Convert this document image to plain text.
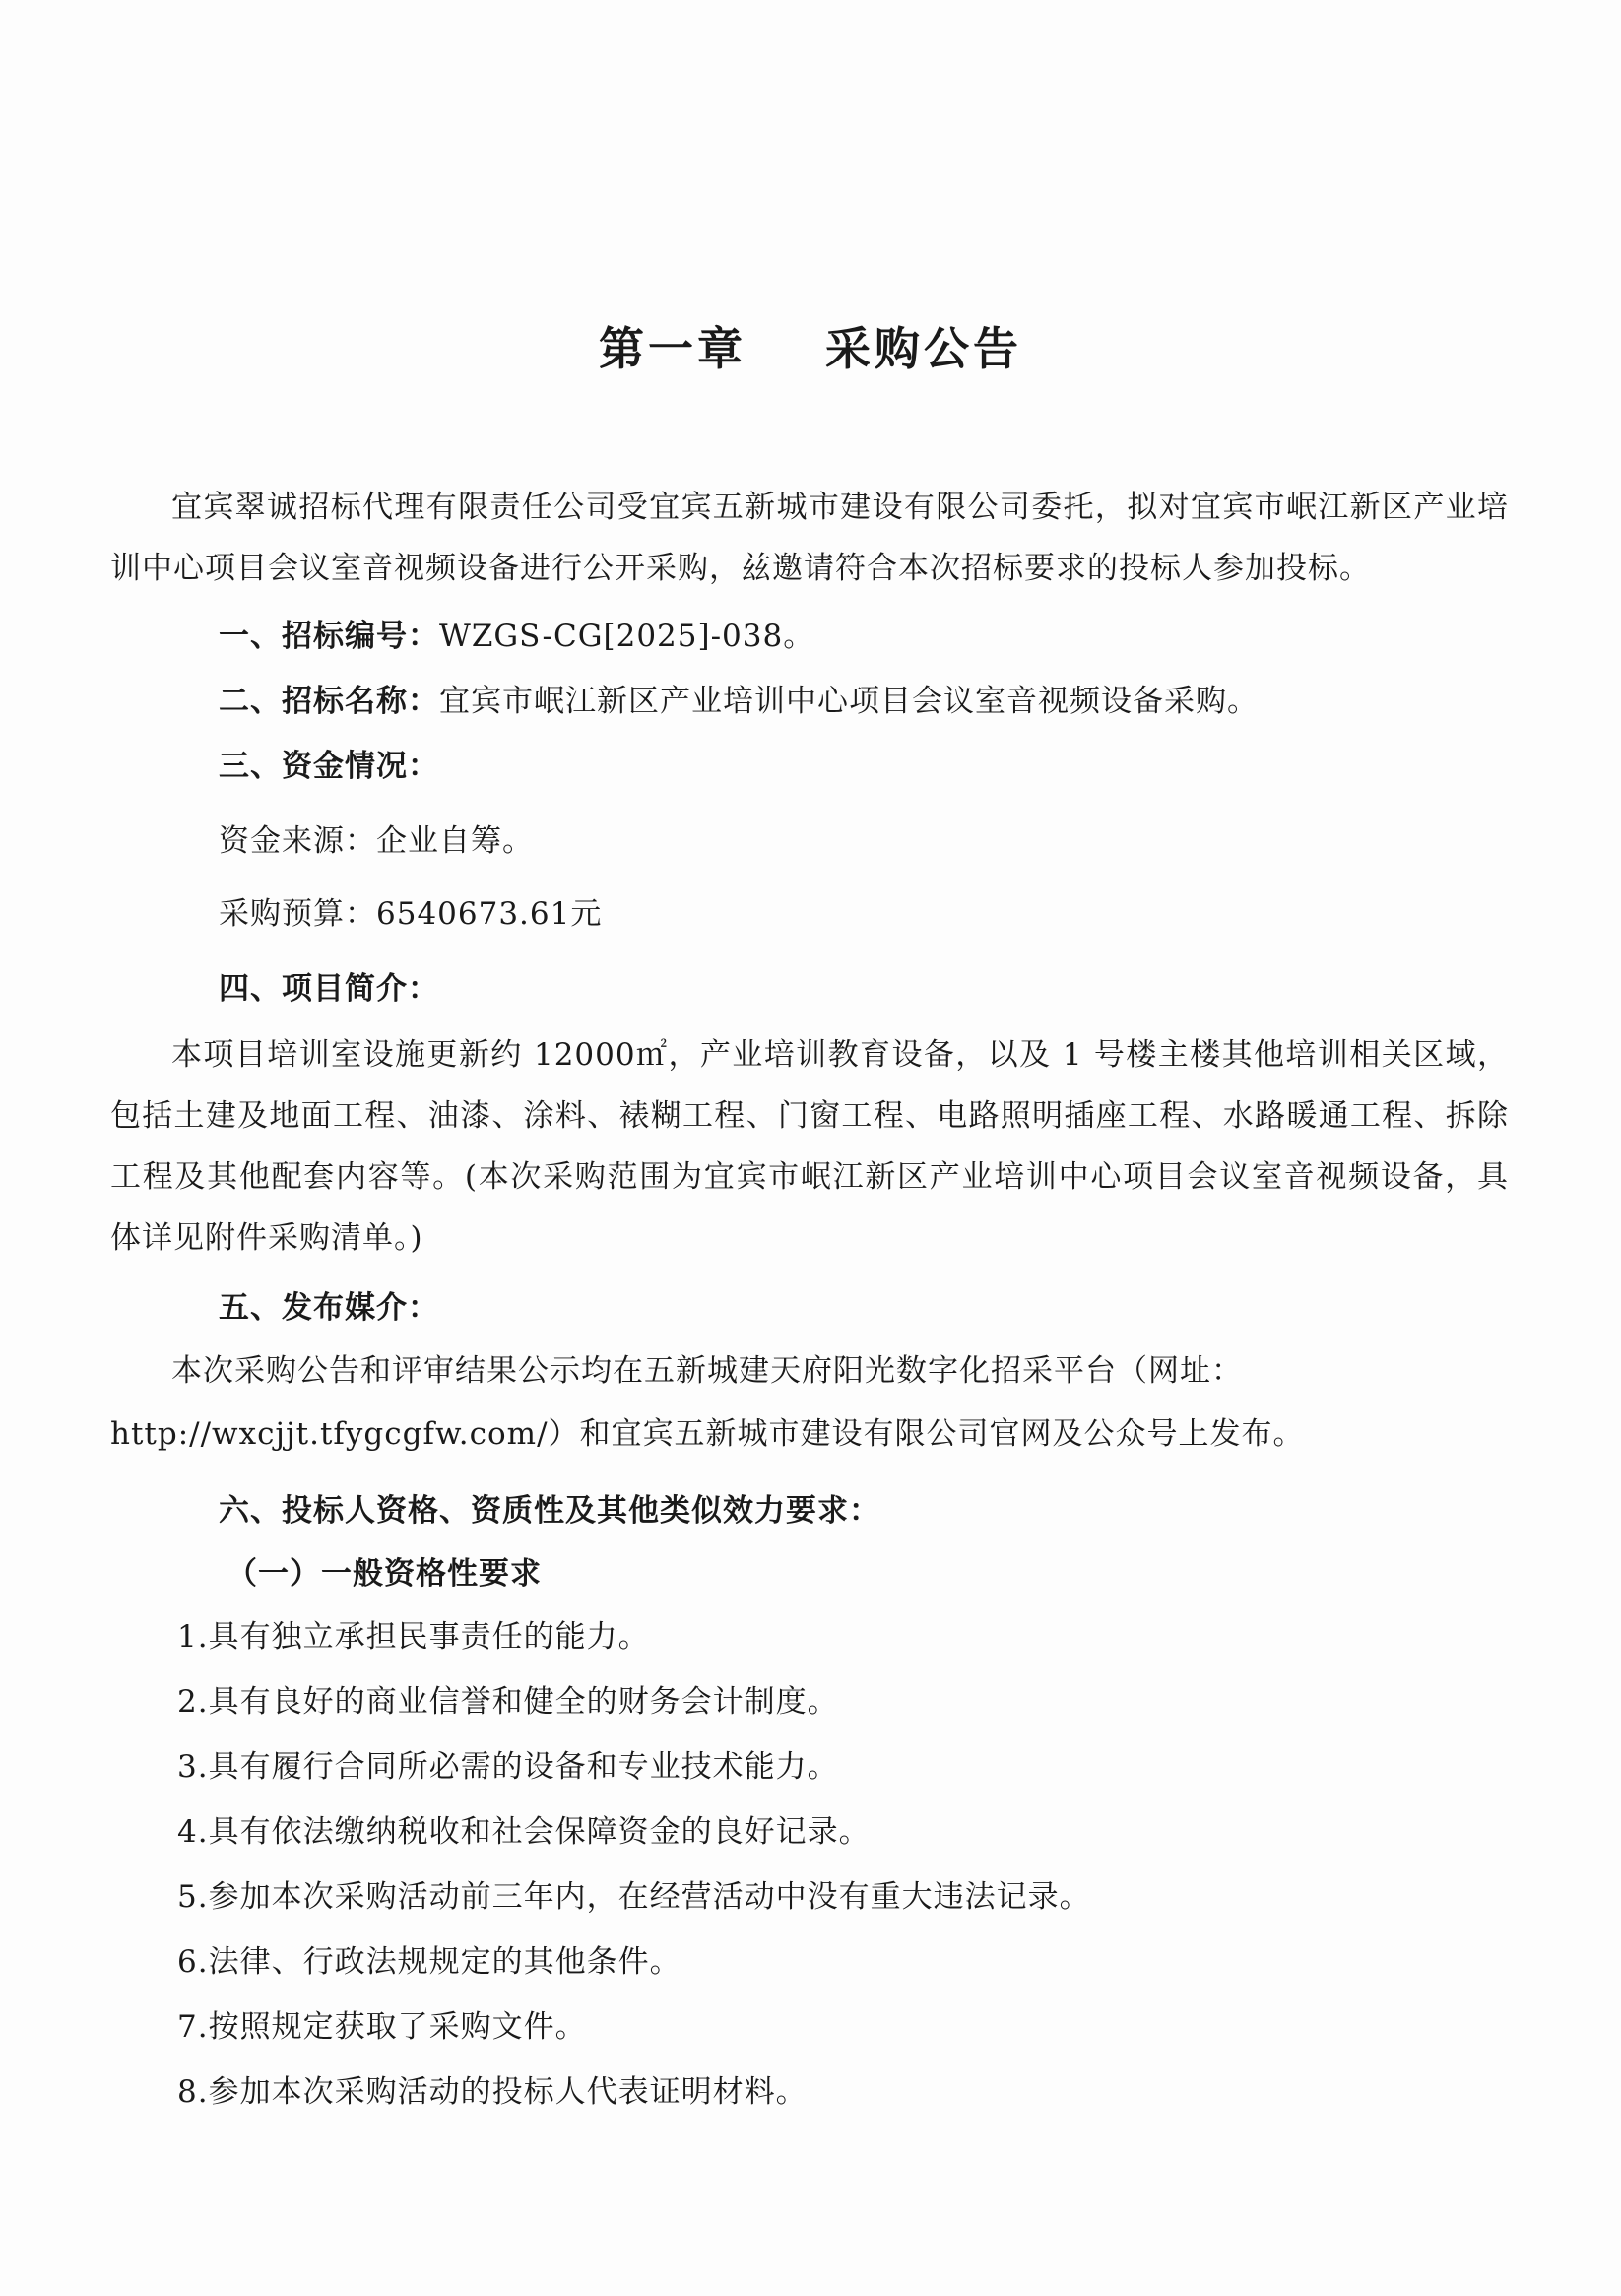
第一章    采购公告

宜宾翠诚招标代理有限责任公司受宜宾五新城市建设有限公司委托，拟对宜宾市岷江新区产业培训中心项目会议室音视频设备进行公开采购，兹邀请符合本次招标要求的投标人参加投标。

一、招标编号：WZGS-CG[2025]-038。

二、招标名称：宜宾市岷江新区产业培训中心项目会议室音视频设备采购。

三、资金情况：

资金来源：企业自筹。

采购预算：6540673.61元

四、项目简介：

本项目培训室设施更新约 12000㎡，产业培训教育设备，以及 1 号楼主楼其他培训相关区域，包括土建及地面工程、油漆、涂料、裱糊工程、门窗工程、电路照明插座工程、水路暖通工程、拆除工程及其他配套内容等。(本次采购范围为宜宾市岷江新区产业培训中心项目会议室音视频设备，具体详见附件采购清单。)

五、发布媒介：

本次采购公告和评审结果公示均在五新城建天府阳光数字化招采平台（网址：

http://wxcjjt.tfygcgfw.com/）和宜宾五新城市建设有限公司官网及公众号上发布。

六、投标人资格、资质性及其他类似效力要求：

（一）一般资格性要求

1.具有独立承担民事责任的能力。

2.具有良好的商业信誉和健全的财务会计制度。

3.具有履行合同所必需的设备和专业技术能力。

4.具有依法缴纳税收和社会保障资金的良好记录。

5.参加本次采购活动前三年内，在经营活动中没有重大违法记录。

6.法律、行政法规规定的其他条件。

7.按照规定获取了采购文件。

8.参加本次采购活动的投标人代表证明材料。
